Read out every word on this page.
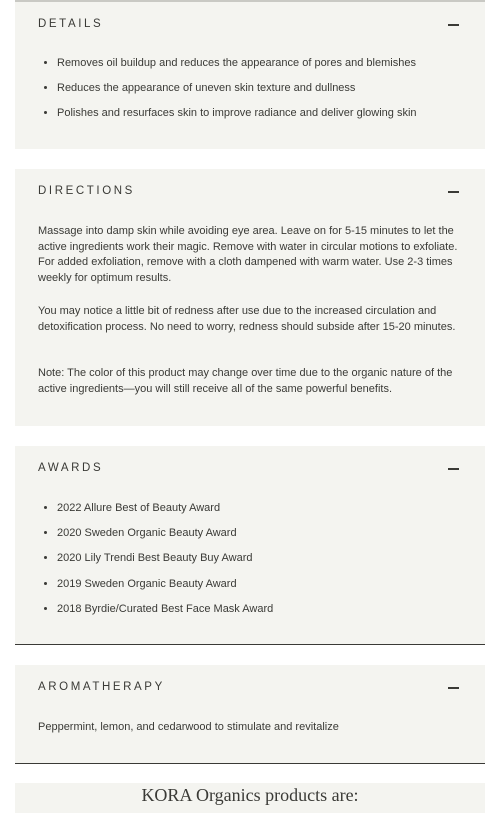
DETAILS
• Removes oil buildup and reduces the appearance of pores and blemishes
• Reduces the appearance of uneven skin texture and dullness
• Polishes and resurfaces skin to improve radiance and deliver glowing skin
DIRECTIONS

Massage into damp skin while avoiding eye area. Leave on for 5-15 minutes to let the active ingredients work their magic. Remove with water in circular motions to exfoliate. For added exfoliation, remove with a cloth dampened with warm water. Use 2-3 times weekly for optimum results.

You may notice a little bit of redness after use due to the increased circulation and detoxification process. No need to worry, redness should subside after 15-20 minutes.

Note: The color of this product may change over time due to the organic nature of the active ingredients—you will still receive all of the same powerful benefits.

AWARDS
• 2022 Allure Best of Beauty Award
• 2020 Sweden Organic Beauty Award
• 2020 Lily Trendi Best Beauty Buy Award
• 2019 Sweden Organic Beauty Award
• 2018 Byrdie/Curated Best Face Mask Award
AROMATHERAPY

Peppermint, lemon, and cedarwood to stimulate and revitalize

KORA Organics products are:
